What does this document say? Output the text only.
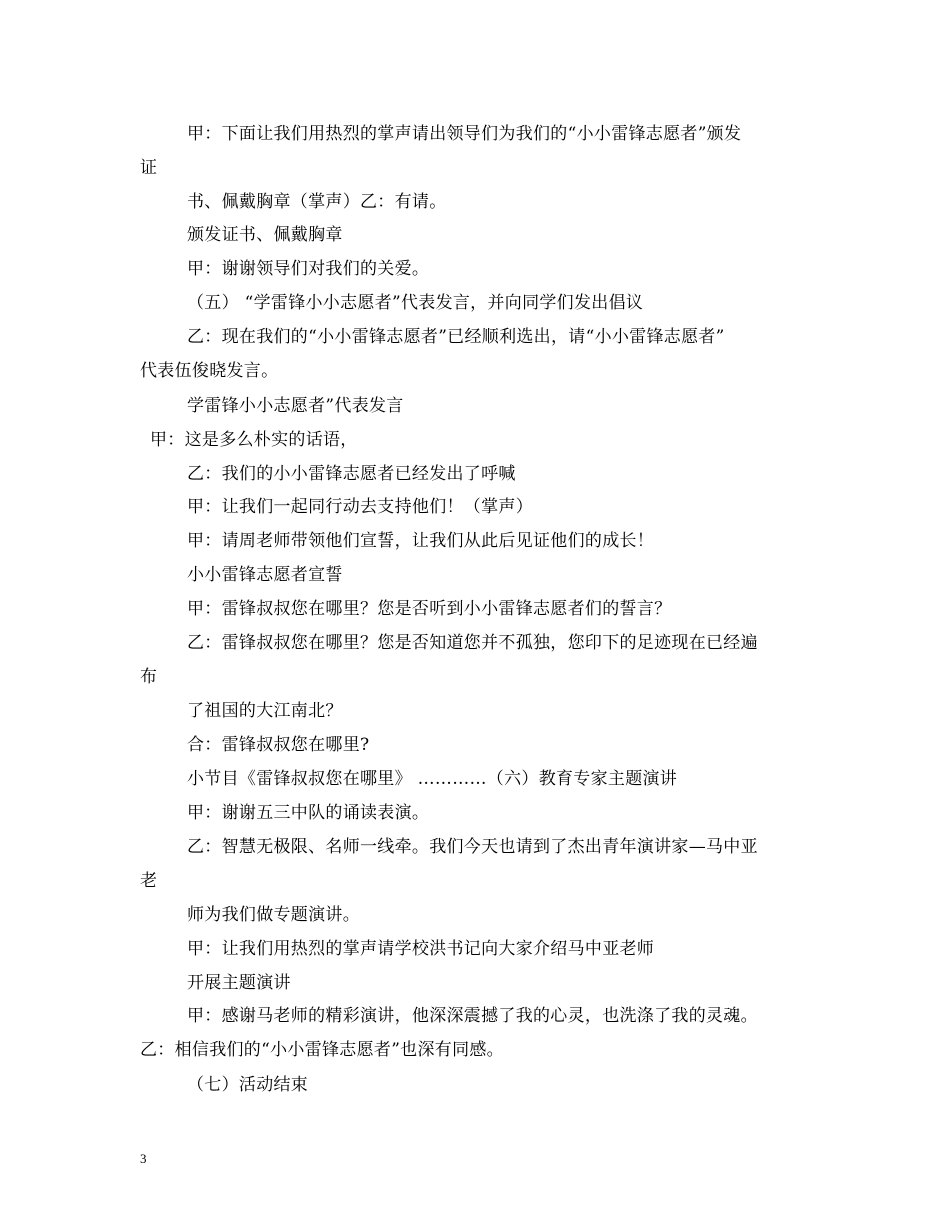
甲：下面让我们用热烈的掌声请出领导们为我们的“小小雷锋志愿者”颁发
证
书、佩戴胸章（掌声）乙：有请。
颁发证书、佩戴胸章
甲：谢谢领导们对我们的关爱。
（五） “学雷锋小小志愿者”代表发言，并向同学们发出倡议
乙：现在我们的“小小雷锋志愿者”已经顺利选出，请“小小雷锋志愿者”
代表伍俊晓发言。
学雷锋小小志愿者”代表发言
甲：这是多么朴实的话语，
乙：我们的小小雷锋志愿者已经发出了呼喊
甲：让我们一起同行动去支持他们！（掌声）
甲：请周老师带领他们宣誓，让我们从此后见证他们的成长！
小小雷锋志愿者宣誓
甲：雷锋叔叔您在哪里？您是否听到小小雷锋志愿者们的誓言？
乙：雷锋叔叔您在哪里？您是否知道您并不孤独，您印下的足迹现在已经遍
布
了祖国的大江南北？
合：雷锋叔叔您在哪里?
小节目《雷锋叔叔您在哪里》 …………（六）教育专家主题演讲
甲：谢谢五三中队的诵读表演。
乙：智慧无极限、名师一线牵。我们今天也请到了杰出青年演讲家—马中亚
老
师为我们做专题演讲。
甲：让我们用热烈的掌声请学校洪书记向大家介绍马中亚老师
开展主题演讲
甲：感谢马老师的精彩演讲，他深深震撼了我的心灵，也洗涤了我的灵魂。
乙：相信我们的“小小雷锋志愿者”也深有同感。
（七）活动结束
3
